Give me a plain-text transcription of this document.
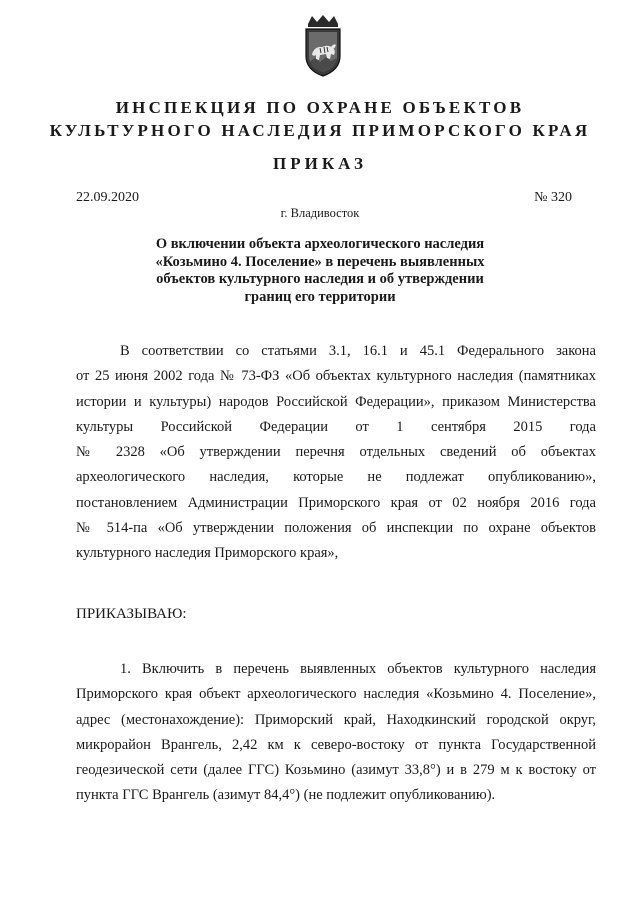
ИНСПЕКЦИЯ ПО ОХРАНЕ ОБЪЕКТОВ
КУЛЬТУРНОГО НАСЛЕДИЯ ПРИМОРСКОГО КРАЯ
ПРИКАЗ
22.09.2020	№ 320
г. Владивосток
О включении объекта археологического наследия
«Козьмино 4. Поселение» в перечень выявленных
объектов культурного наследия и об утверждении
границ его территории
В соответствии со статьями 3.1, 16.1 и 45.1 Федерального закона
от 25 июня 2002 года № 73-ФЗ «Об объектах культурного наследия (памятниках
истории и культуры) народов Российской Федерации», приказом Министерства
культуры Российской Федерации от 1 сентября 2015 года
№ 2328 «Об утверждении перечня отдельных сведений об объектах
археологического наследия, которые не подлежат опубликованию»,
постановлением Администрации Приморского края от 02 ноября 2016 года
№ 514-па «Об утверждении положения об инспекции по охране объектов
культурного наследия Приморского края»,
ПРИКАЗЫВАЮ:
1. Включить в перечень выявленных объектов культурного наследия
Приморского края объект археологического наследия «Козьмино 4. Поселение»,
адрес (местонахождение): Приморский край, Находкинский городской округ,
микрорайон Врангель, 2,42 км к северо-востоку от пункта Государственной
геодезической сети (далее ГГС) Козьмино (азимут 33,8°) и в 279 м к востоку от
пункта ГГС Врангель (азимут 84,4°) (не подлежит опубликованию).
